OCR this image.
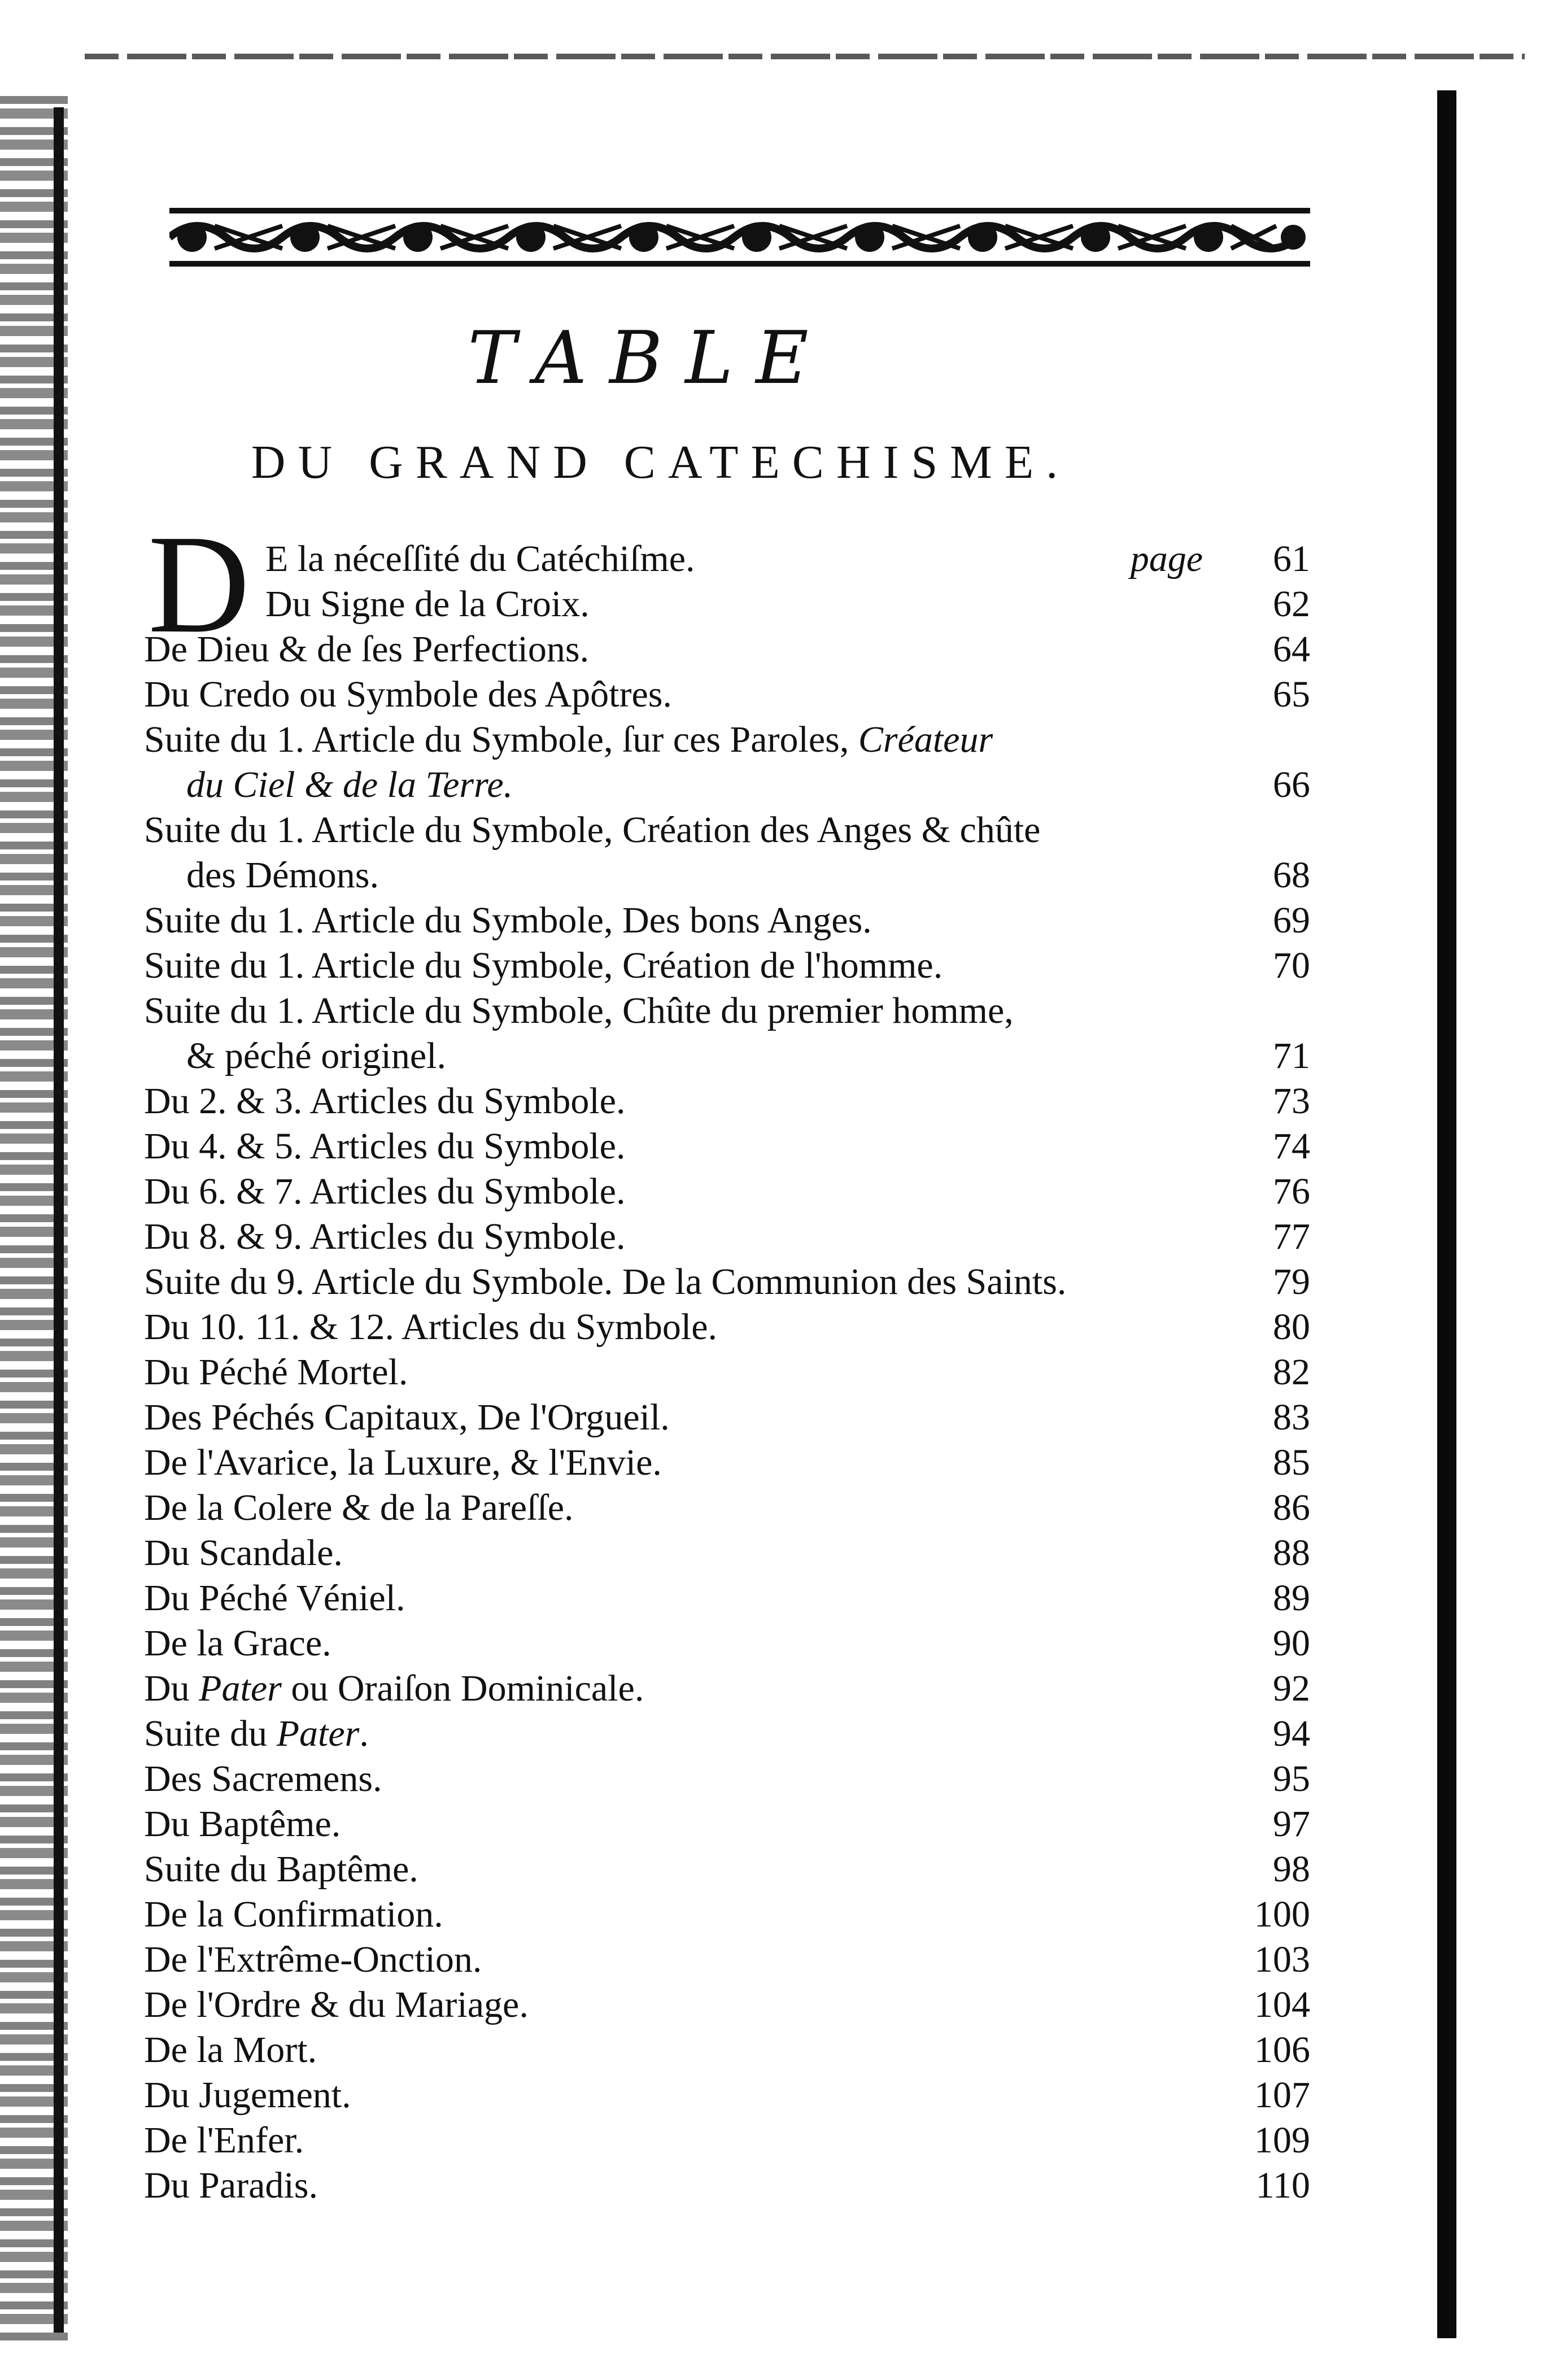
TABLE
DU GRAND CATECHISME.
D E la néceſſité du Catéchiſme.	page	61
Du Signe de la Croix.	62
De Dieu & de ſes Perfections.	64
Du Credo ou Symbole des Apôtres.	65
Suite du 1. Article du Symbole, ſur ces Paroles, Créateur
du Ciel & de la Terre.	66
Suite du 1. Article du Symbole, Création des Anges & chûte
des Démons.	68
Suite du 1. Article du Symbole, Des bons Anges.	69
Suite du 1. Article du Symbole, Création de l'homme.	70
Suite du 1. Article du Symbole, Chûte du premier homme,
& péché originel.	71
Du 2. & 3. Articles du Symbole.	73
Du 4. & 5. Articles du Symbole.	74
Du 6. & 7. Articles du Symbole.	76
Du 8. & 9. Articles du Symbole.	77
Suite du 9. Article du Symbole. De la Communion des Saints.	79
Du 10. 11. & 12. Articles du Symbole.	80
Du Péché Mortel.	82
Des Péchés Capitaux, De l'Orgueil.	83
De l'Avarice, la Luxure, & l'Envie.	85
De la Colere & de la Pareſſe.	86
Du Scandale.	88
Du Péché Véniel.	89
De la Grace.	90
Du Pater ou Oraiſon Dominicale.	92
Suite du Pater.	94
Des Sacremens.	95
Du Baptême.	97
Suite du Baptême.	98
De la Confirmation.	100
De l'Extrême-Onction.	103
De l'Ordre & du Mariage.	104
De la Mort.	106
Du Jugement.	107
De l'Enfer.	109
Du Paradis.	110
